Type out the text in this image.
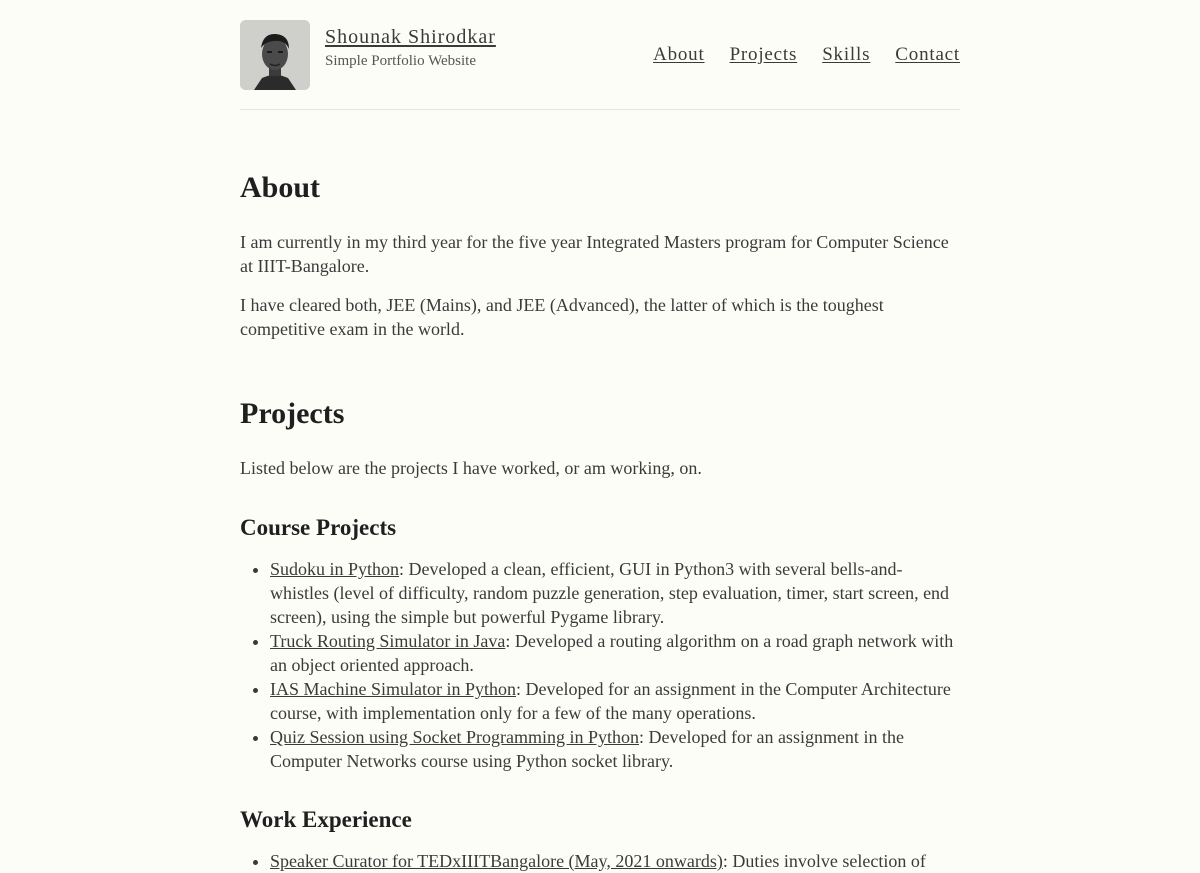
Shounak Shirodkar
Simple Portfolio Website	About Projects Skills Contact
About

I am currently in my third year for the five year Integrated Masters program for Computer Science at IIIT-Bangalore.

I have cleared both, JEE (Mains), and JEE (Advanced), the latter of which is the toughest competitive exam in the world.

Projects

Listed below are the projects I have worked, or am working, on.

Course Projects
• Sudoku in Python: Developed a clean, efficient, GUI in Python3 with several bells-and-whistles (level of difficulty, random puzzle generation, step evaluation, timer, start screen, end screen), using the simple but powerful Pygame library.
• Truck Routing Simulator in Java: Developed a routing algorithm on a road graph network with an object oriented approach.
• IAS Machine Simulator in Python: Developed for an assignment in the Computer Architecture course, with implementation only for a few of the many operations.
• Quiz Session using Socket Programming in Python: Developed for an assignment in the Computer Networks course using Python socket library.
Work Experience
• Speaker Curator for TEDxIIITBangalore (May, 2021 onwards): Duties involve selection of
